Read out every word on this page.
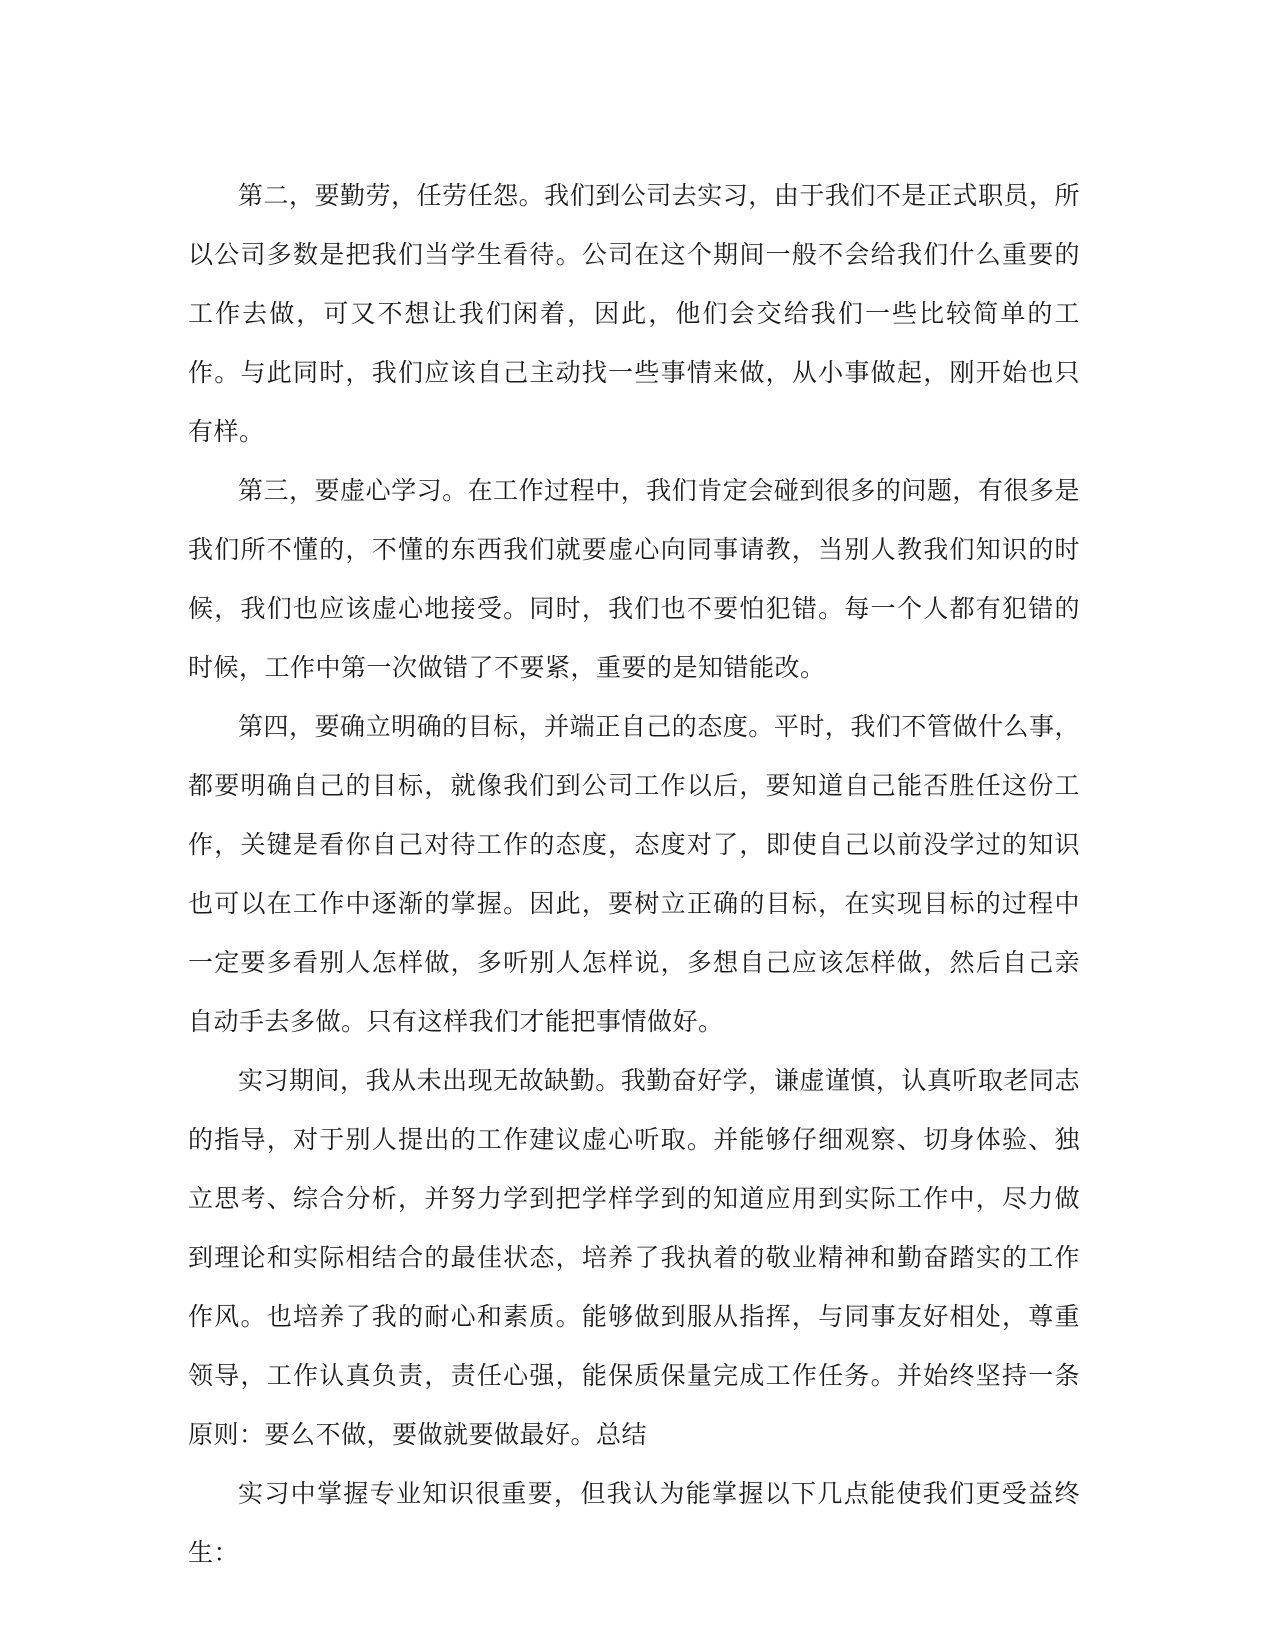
第二，要勤劳，任劳任怨。我们到公司去实习，由于我们不是正式职员，所以公司多数是把我们当学生看待。公司在这个期间一般不会给我们什么重要的工作去做，可又不想让我们闲着，因此，他们会交给我们一些比较简单的工作。与此同时，我们应该自己主动找一些事情来做，从小事做起，刚开始也只有样。

第三，要虚心学习。在工作过程中，我们肯定会碰到很多的问题，有很多是我们所不懂的，不懂的东西我们就要虚心向同事请教，当别人教我们知识的时候，我们也应该虚心地接受。同时，我们也不要怕犯错。每一个人都有犯错的时候，工作中第一次做错了不要紧，重要的是知错能改。

第四，要确立明确的目标，并端正自己的态度。平时，我们不管做什么事，都要明确自己的目标，就像我们到公司工作以后，要知道自己能否胜任这份工作，关键是看你自己对待工作的态度，态度对了，即使自己以前没学过的知识也可以在工作中逐渐的掌握。因此，要树立正确的目标，在实现目标的过程中一定要多看别人怎样做，多听别人怎样说，多想自己应该怎样做，然后自己亲自动手去多做。只有这样我们才能把事情做好。

实习期间，我从未出现无故缺勤。我勤奋好学，谦虚谨慎，认真听取老同志的指导，对于别人提出的工作建议虚心听取。并能够仔细观察、切身体验、独立思考、综合分析，并努力学到把学样学到的知道应用到实际工作中，尽力做到理论和实际相结合的最佳状态，培养了我执着的敬业精神和勤奋踏实的工作作风。也培养了我的耐心和素质。能够做到服从指挥，与同事友好相处，尊重领导，工作认真负责，责任心强，能保质保量完成工作任务。并始终坚持一条原则：要么不做，要做就要做最好。总结

实习中掌握专业知识很重要，但我认为能掌握以下几点能使我们更受益终生：
